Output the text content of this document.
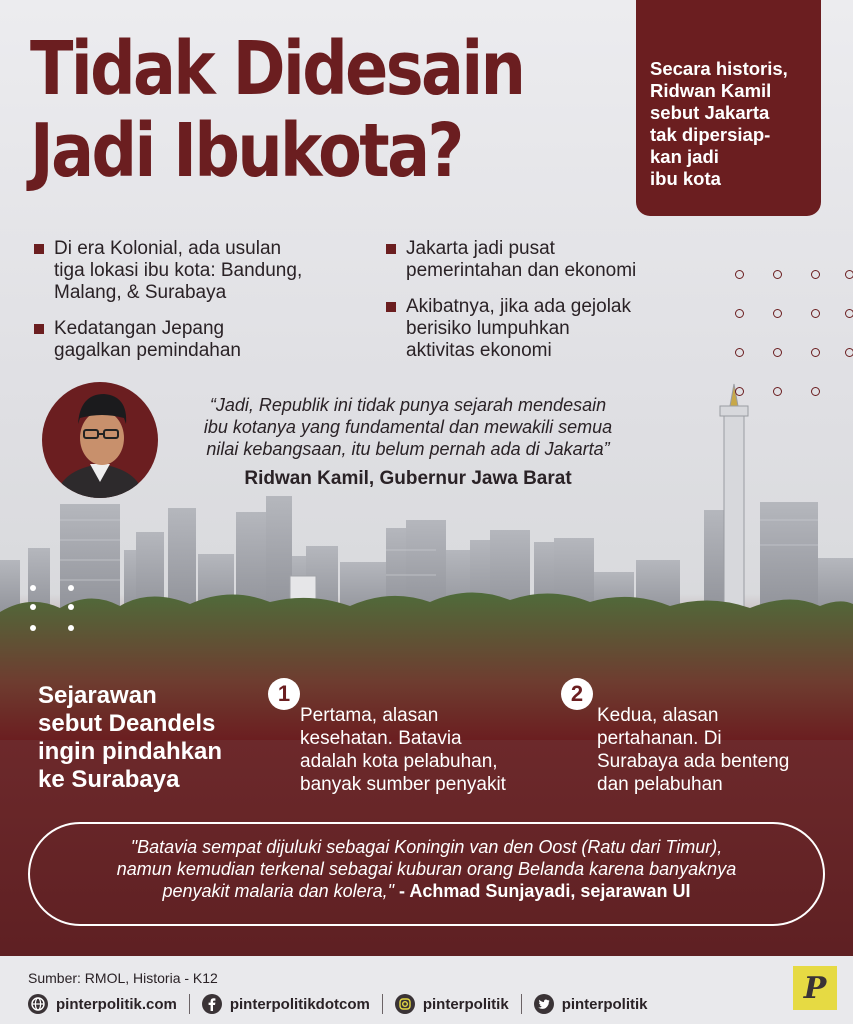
Tidak Didesain
Jadi Ibukota?

Secara historis,
Ridwan Kamil
sebut Jakarta
tak dipersiap-
kan jadi
ibu kota

Di era Kolonial, ada usulan
tiga lokasi ibu kota: Bandung,
Malang, & Surabaya
Kedatangan Jepang
gagalkan pemindahan
Jakarta jadi pusat
pemerintahan dan ekonomi
Akibatnya, jika ada gejolak
berisiko lumpuhkan
aktivitas ekonomi

“Jadi, Republik ini tidak punya sejarah mendesain
ibu kotanya yang fundamental dan mewakili semua
nilai kebangsaan, itu belum pernah ada di Jakarta”

Ridwan Kamil, Gubernur Jawa Barat

Sejarawan
sebut Deandels
ingin pindahkan
ke Surabaya
1

Pertama, alasan
kesehatan. Batavia
adalah kota pelabuhan,
banyak sumber penyakit

2

Kedua, alasan
pertahanan. Di
Surabaya ada benteng
dan pelabuhan

"Batavia sempat dijuluki sebagai Koningin van den Oost (Ratu dari Timur),
namun kemudian terkenal sebagai kuburan orang Belanda karena banyaknya
penyakit malaria dan kolera," - Achmad Sunjayadi, sejarawan UI

Sumber: RMOL, Historia - K12

pinterpolitik.com	pinterpolitikdotcom	pinterpolitik	pinterpolitik	P
